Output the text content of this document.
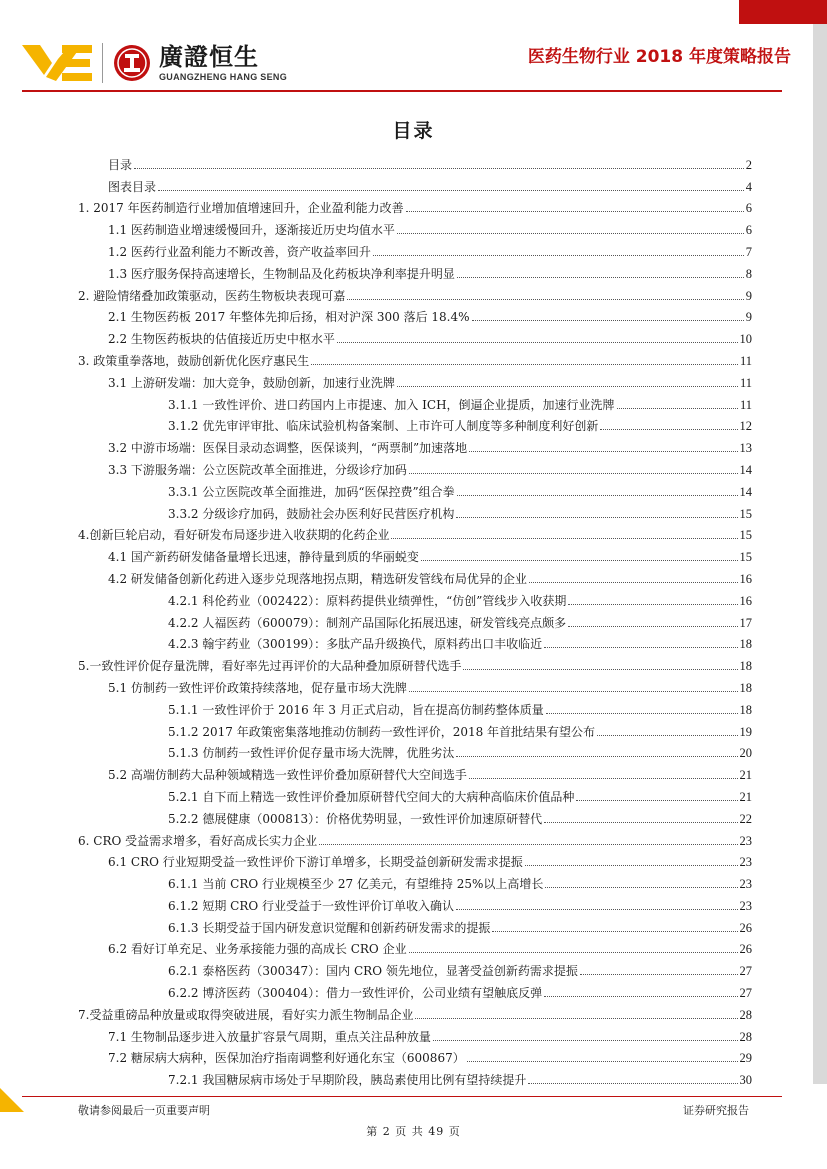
廣證恒生
GUANGZHENG HANG SENG
医药生物行业 2018 年度策略报告
目录
目录	2
图表目录	4
1. 2017 年医药制造行业增加值增速回升，企业盈利能力改善	6
1.1 医药制造业增速缓慢回升，逐渐接近历史均值水平	6
1.2 医药行业盈利能力不断改善，资产收益率回升	7
1.3 医疗服务保持高速增长，生物制品及化药板块净利率提升明显	8
2. 避险情绪叠加政策驱动，医药生物板块表现可嘉	9
2.1 生物医药板 2017 年整体先抑后扬，相对沪深 300 落后 18.4%	9
2.2 生物医药板块的估值接近历史中枢水平	10
3. 政策重拳落地，鼓励创新优化医疗惠民生	11
3.1 上游研发端：加大竞争，鼓励创新，加速行业洗牌	11
3.1.1 一致性评价、进口药国内上市提速、加入 ICH，倒逼企业提质，加速行业洗牌	11
3.1.2 优先审评审批、临床试验机构备案制、上市许可人制度等多种制度利好创新	12
3.2 中游市场端：医保目录动态调整，医保谈判，“两票制”加速落地	13
3.3 下游服务端：公立医院改革全面推进，分级诊疗加码	14
3.3.1 公立医院改革全面推进，加码“医保控费”组合拳	14
3.3.2 分级诊疗加码，鼓励社会办医利好民营医疗机构	15
4.创新巨轮启动，看好研发布局逐步进入收获期的化药企业	15
4.1 国产新药研发储备量增长迅速，静待量到质的华丽蜕变	15
4.2 研发储备创新化药进入逐步兑现落地拐点期，精选研发管线布局优异的企业	16
4.2.1 科伦药业（002422）：原料药提供业绩弹性，“仿创”管线步入收获期	16
4.2.2 人福医药（600079）：制剂产品国际化拓展迅速，研发管线亮点颇多	17
4.2.3 翰宇药业（300199）：多肽产品升级换代，原料药出口丰收临近	18
5.一致性评价促存量洗牌，看好率先过再评价的大品种叠加原研替代选手	18
5.1 仿制药一致性评价政策持续落地，促存量市场大洗牌	18
5.1.1 一致性评价于 2016 年 3 月正式启动，旨在提高仿制药整体质量	18
5.1.2 2017 年政策密集落地推动仿制药一致性评价，2018 年首批结果有望公布	19
5.1.3 仿制药一致性评价促存量市场大洗牌，优胜劣汰	20
5.2 高端仿制药大品种领域精选一致性评价叠加原研替代大空间选手	21
5.2.1 自下而上精选一致性评价叠加原研替代空间大的大病种高临床价值品种	21
5.2.2 德展健康（000813）：价格优势明显，一致性评价加速原研替代	22
6. CRO 受益需求增多，看好高成长实力企业	23
6.1 CRO 行业短期受益一致性评价下游订单增多，长期受益创新研发需求提振	23
6.1.1 当前 CRO 行业规模至少 27 亿美元，有望维持 25%以上高增长	23
6.1.2 短期 CRO 行业受益于一致性评价订单收入确认	23
6.1.3 长期受益于国内研发意识觉醒和创新药研发需求的提振	26
6.2 看好订单充足、业务承接能力强的高成长 CRO 企业	26
6.2.1 泰格医药（300347）：国内 CRO 领先地位，显著受益创新药需求提振	27
6.2.2 博济医药（300404）：借力一致性评价，公司业绩有望触底反弹	27
7.受益重磅品种放量或取得突破进展，看好实力派生物制品企业	28
7.1 生物制品逐步进入放量扩容景气周期，重点关注品种放量	28
7.2 糖尿病大病种，医保加治疗指南调整利好通化东宝（600867）	29
7.2.1 我国糖尿病市场处于早期阶段，胰岛素使用比例有望持续提升	30
敬请参阅最后一页重要声明	证券研究报告
第 2 页 共 49 页
